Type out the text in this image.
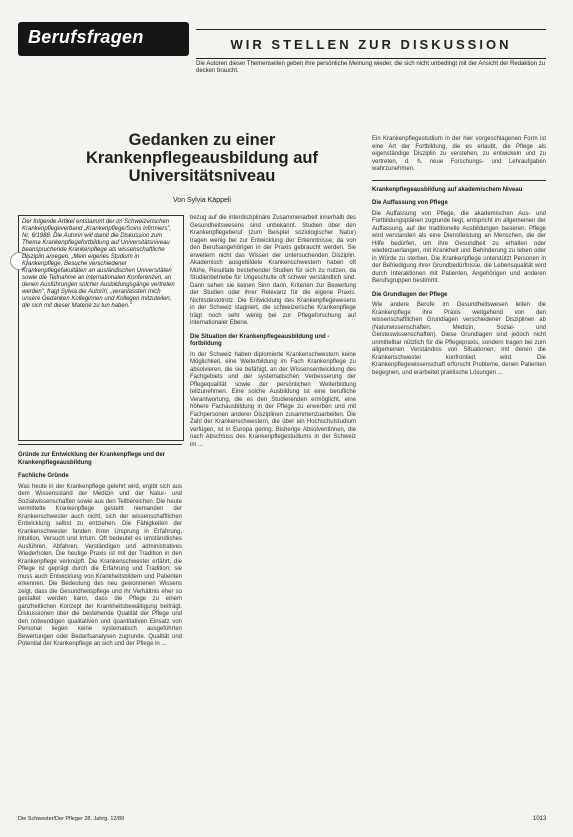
Berufsfragen	WIR STELLEN ZUR DISKUSSION
Die Autoren dieser Themenseiten geben ihre persönliche Meinung wieder, die sich nicht unbedingt mit der Ansicht der Redaktion zu decken braucht.
Gedanken zu einer Krankenpflegeausbildung auf Universitätsniveau
Von Sylvia Käppeli
Der folgende Artikel entstammt der im Schweizerischen Krankenpflegeverband „Krankenpflege/Soins infirmiers", Nr. 6/1988. Die Autorin will damit die Diskussion zum Thema Krankenpflegefortbildung auf Universitätsniveau beanspruchende Krankenpflege als wissenschaftliche Disziplin anregen. „Mein eigenes Studium in Krankenpflege, Besuche verschiedener Krankenpflegefakultäten an ausländischen Universitäten sowie die Teilnahme an internationalen Konferenzen, an denen Ausführungen solcher Ausbildungsgänge vertreten werden", fragt Sylvia die Autorin, „veranlassten mich unsere Gedanken Kolleginnen und Kollegen mitzuteilen, die sich mit dieser Materie zu tun haben."
Gründe zur Entwicklung der Krankenpflege und der Krankenpflegeausbildung
Fachliche Gründe

Was heute in der Krankenpflege gelehrt wird, ergibt sich aus dem Wissensstand der Medizin und der Natur- und Sozialwissenschaften sowie aus den Teilbereichen. Die heute vermittelte Krankenpflege gesteht niemanden der Krankenschwester auch nicht, sich der wissenschaftlichen Entwicklung selbst zu entziehen. Die Fähigkeiten der Krankenschwester fanden ihren Ursprung in Erfahrung, Intuition, Versuch und Irrtum. Oft bedeutet es umständliches Ausführen, Abfahren, Verständigen und administratives Wiederholen. Die heutige Praxis ist mit der Tradition in den Krankenpflege verknüpft. Die Krankenschwester erfährt, die Pflege ist geprägt durch die Erfahrung und Tradition; sie muss auch Entwicklung von Krankheitsbildern und Patienten erkennen. Die Bedeutung des neu gewonnenen Wissens zeigt, dass die Gesundheitspflege und ihr Verhältnis eher so gestaltet werden kann, dass die Pflege zu einem ganzheitlichen Konzept der Krankheitsbewältigung beiträgt. Diskussionen über die bestehende Qualität der Pflege und den notwendigen qualitativen und quantitativen Einsatz von Personal liegen keine systematisch ausgeführten Bewertungen oder Bedarfsanalysen zugrunde. Qualität und Potential der Krankenpflege an sich und der Pflege in ...

bezug auf die interdisziplinäre Zusammenarbeit innerhalb des Gesundheitswesens sind unbekannt. Studien über den Krankenpflegeberuf (zum Beispiel soziologischer Natur) tragen wenig bei zur Entwicklung der Erkenntnisse, da von den Berufsangehörigen in der Praxis gebraucht werden. Sie erweitern nicht das Wissen der untersuchenden Disziplin. Akademisch ausgebildete Krankenschwestern haben oft Mühe, Resultate bestehender Studien für sich zu nutzen, da Studienbetriebe für Ungeschulte oft schwer verständlich sind. Dann sehen sie keinen Sinn darin, Kriterien zur Bewertung der Studien oder ihrer Relevanz für die eigene Praxis. Nichtsdestotrotz: Die Entwicklung des Krankenpflegewesens in der Schweiz stagniert, die schweizerische Krankenpflege trägt noch sehr wenig bei zur Pflegeforschung auf internationaler Ebene.

Die Situation der Krankenpflegeausbildung und -fortbildung

In der Schweiz haben diplomierte Krankenschwestern keine Möglichkeit, eine Weiterbildung im Fach Krankenpflege zu absolvieren, die sie befähigt, an der Wissensentwicklung des Fachgebiets und der systematischen Verbesserung der Pflegequalität sowie der persönlichen Weiterbildung teilzunehmen. Eine solche Ausbildung ist eine berufliche Verantwortung, die es den Studierenden ermöglicht, eine höhere Fachausbildung in der Pflege zu erwerben und mit Fachpersonen anderer Disziplinen zusammenzuarbeiten. Die Zahl der Krankenschwestern, die über ein Hochschulstudium verfügen, ist in Europa gering. Bisherige Absolventinnen, die nach Abschluss des Krankenpflegestudiums in der Schweiz im ...

Ein Krankenpflegestudium in der hier vorgeschlagenen Form ist eine Art der Fortbildung, die es erlaubt, die Pflege als eigenständige Disziplin zu verstehen, zu entwickeln und zu vertreten, d. h. neue Forschungs- und Lehraufgaben wahrzunehmen.

Krankenpflegeausbildung auf akademischem Niveau
Die Auffassung von Pflege

Die Auffassung von Pflege, die akademischen Aus- und Fortbildungsplänen zugrunde liegt, entspricht im allgemeinen der Auffassung, auf der traditionelle Ausbildungen basieren: Pflege wird verstanden als eine Dienstleistung an Menschen, die der Hilfe bedürfen, um ihre Gesundheit zu erhalten oder wiederzuerlangen, mit Krankheit und Behinderung zu leben oder in Würde zu sterben. Die Krankenpflege unterstützt Personen in der Befriedigung ihrer Grundbedürfnisse, die Lebensqualität wird durch Interaktionen mit Patienten, Angehörigen und anderen Berufsgruppen bestimmt.

Die Grundlagen der Pflege

Wie andere Berufe im Gesundheitswesen leiten die Krankenpflege ihre Praxis weitgehend von den wissenschaftlichen Grundlagen verschiedener Disziplinen ab (Naturwissenschaften, Medizin, Sozial- und Geisteswissenschaften). Diese Grundlagen sind jedoch nicht unmittelbar nützlich für die Pflegepraxis, sondern tragen bei zum allgemeinen Verständnis von Situationen, mit denen die Krankenschwester konfrontiert wird. Die Krankenpflegewissenschaft erforscht Probleme, denen Patienten begegnen, und erarbeitet praktische Lösungen ...

Die Schwester/Der Pfleger 28. Jahrg. 12/89	1013
